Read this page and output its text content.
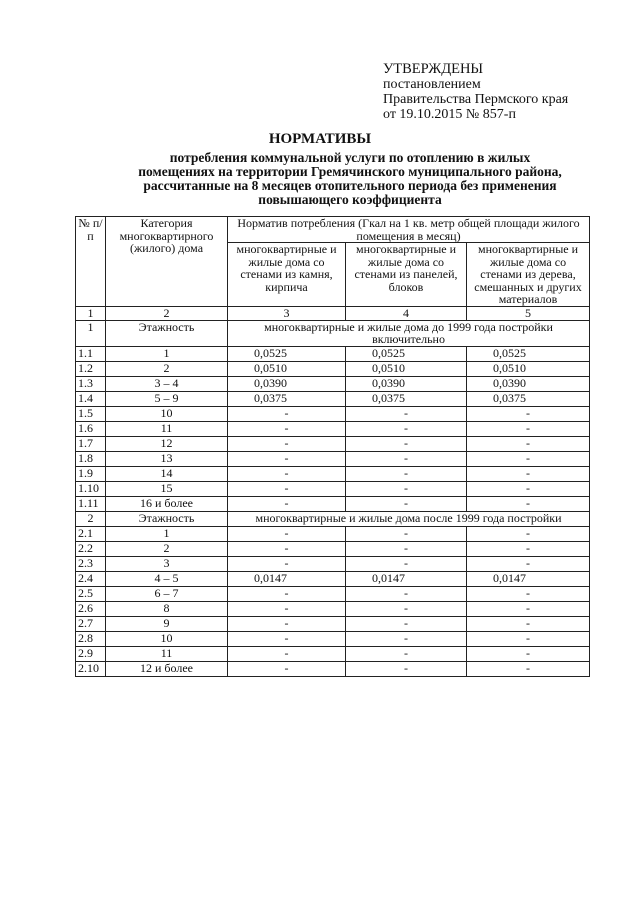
УТВЕРЖДЕНЫ
постановлением
Правительства Пермского края
от 19.10.2015 № 857-п
НОРМАТИВЫ
потребления коммунальной услуги по отоплению в жилых
помещениях на территории Гремячинского муниципального района,
рассчитанные на 8 месяцев отопительного периода без применения
повышающего коэффициента
№ п/п	Категория многоквартирного (жилого) дома	Норматив потребления (Гкал на 1 кв. метр общей площади жилого помещения в месяц)		
		многоквартирные и жилые дома со стенами из камня, кирпича	многоквартирные и жилые дома со стенами из панелей, блоков	многоквартирные и жилые дома со стенами из дерева, смешанных и других материалов
1	2	3	4	5
1	Этажность	многоквартирные и жилые дома до 1999 года постройки включительно		
1.1	1	0,0525	0,0525	0,0525
1.2	2	0,0510	0,0510	0,0510
1.3	3 – 4	0,0390	0,0390	0,0390
1.4	5 – 9	0,0375	0,0375	0,0375
1.5	10	-	-	-
1.6	11	-	-	-
1.7	12	-	-	-
1.8	13	-	-	-
1.9	14	-	-	-
1.10	15	-	-	-
1.11	16 и более	-	-	-
2	Этажность	многоквартирные и жилые дома после 1999 года постройки		
2.1	1	-	-	-
2.2	2	-	-	-
2.3	3	-	-	-
2.4	4 – 5	0,0147	0,0147	0,0147
2.5	6 – 7	-	-	-
2.6	8	-	-	-
2.7	9	-	-	-
2.8	10	-	-	-
2.9	11	-	-	-
2.10	12 и более	-	-	-
